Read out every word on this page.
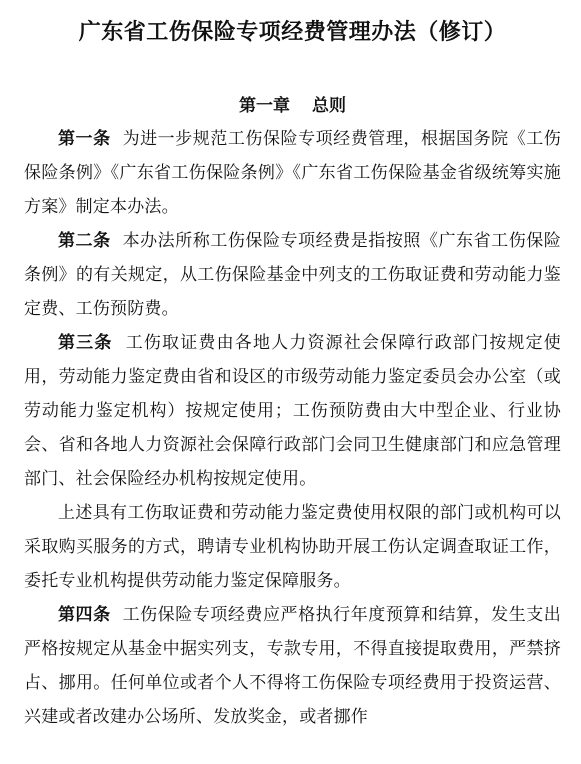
广东省工伤保险专项经费管理办法（修订）
第一章 总则

第一条 为进一步规范工伤保险专项经费管理，根据国务院《工伤保险条例》《广东省工伤保险条例》《广东省工伤保险基金省级统筹实施方案》制定本办法。

第二条 本办法所称工伤保险专项经费是指按照《广东省工伤保险条例》的有关规定，从工伤保险基金中列支的工伤取证费和劳动能力鉴定费、工伤预防费。

第三条 工伤取证费由各地人力资源社会保障行政部门按规定使用，劳动能力鉴定费由省和设区的市级劳动能力鉴定委员会办公室（或劳动能力鉴定机构）按规定使用；工伤预防费由大中型企业、行业协会、省和各地人力资源社会保障行政部门会同卫生健康部门和应急管理部门、社会保险经办机构按规定使用。

上述具有工伤取证费和劳动能力鉴定费使用权限的部门或机构可以采取购买服务的方式，聘请专业机构协助开展工伤认定调查取证工作，委托专业机构提供劳动能力鉴定保障服务。

第四条 工伤保险专项经费应严格执行年度预算和结算，发生支出严格按规定从基金中据实列支，专款专用，不得直接提取费用，严禁挤占、挪用。任何单位或者个人不得将工伤保险专项经费用于投资运营、兴建或者改建办公场所、发放奖金，或者挪作
